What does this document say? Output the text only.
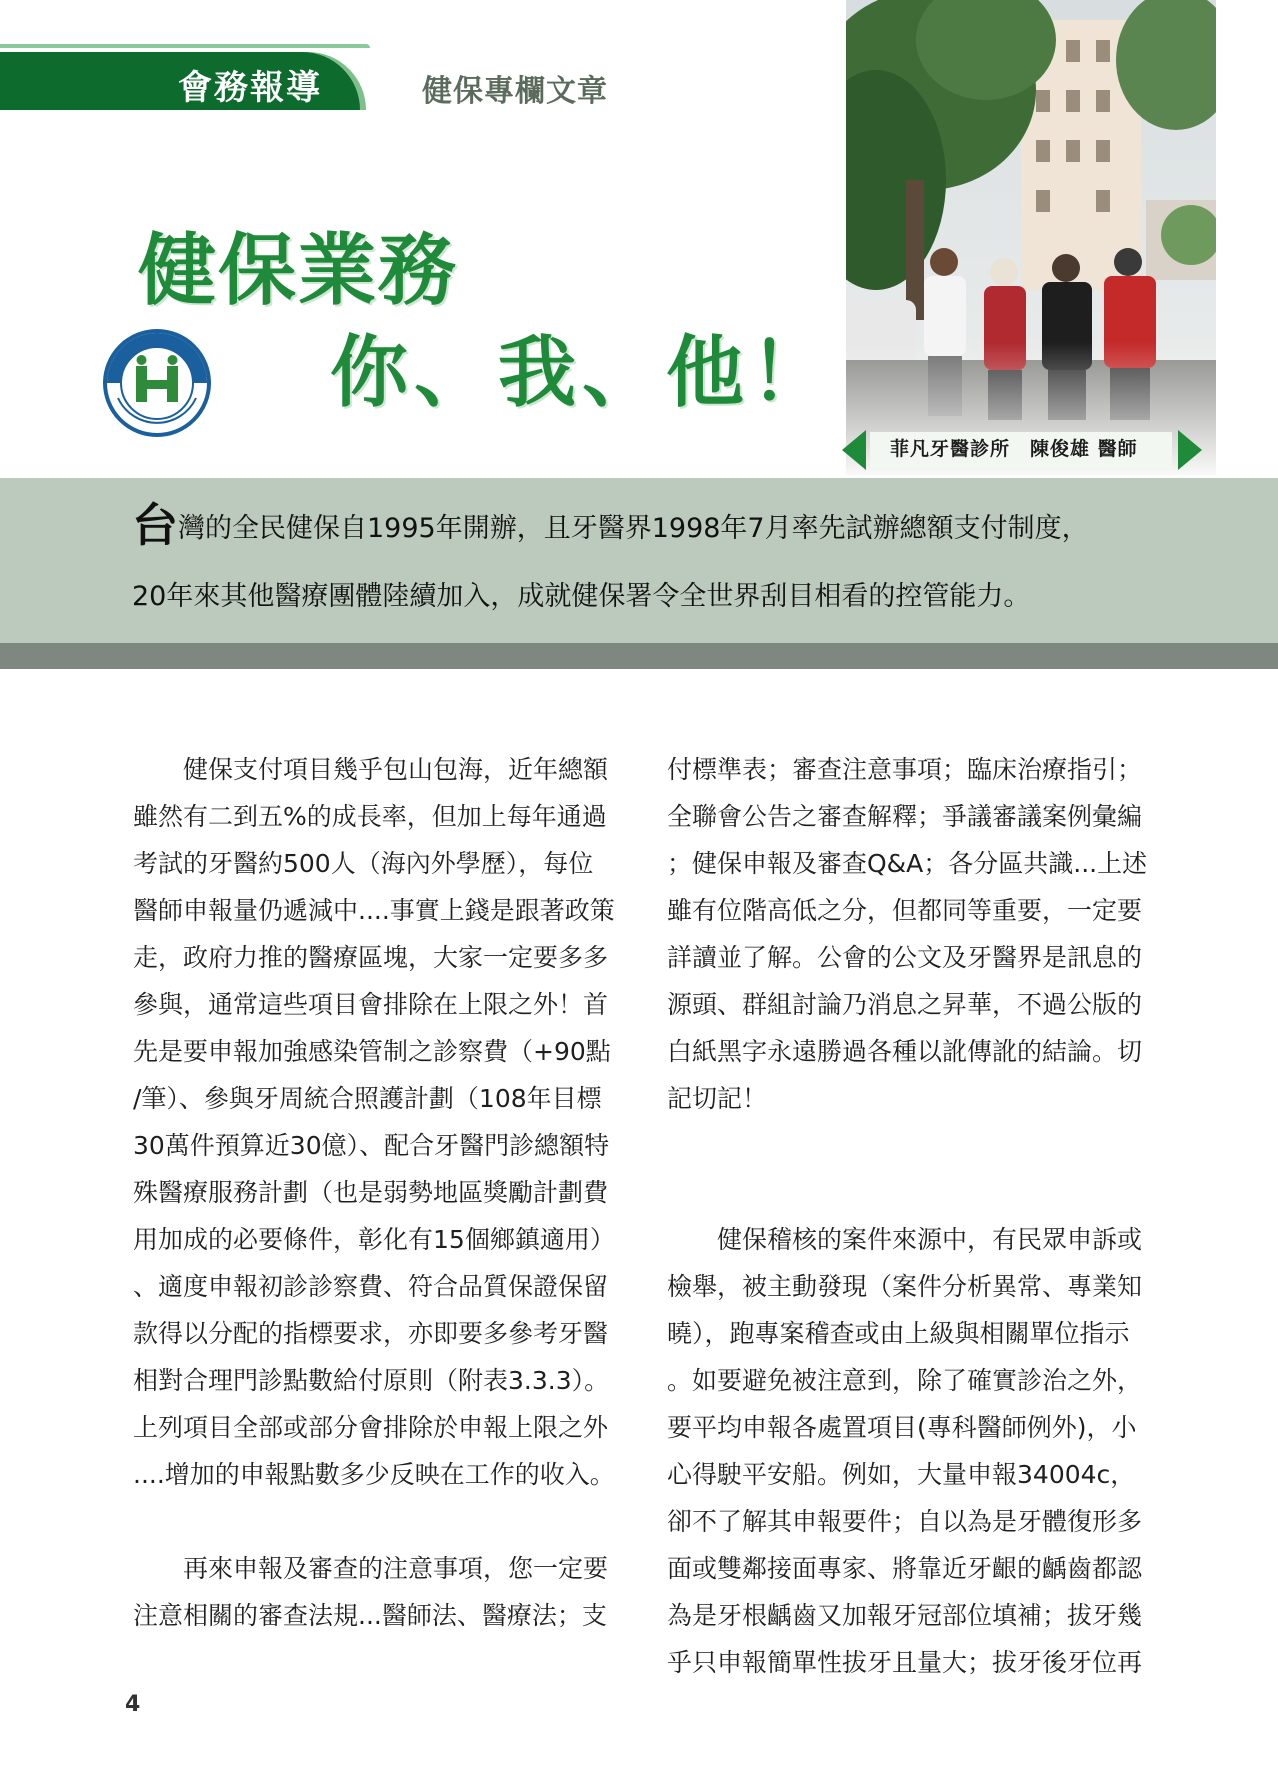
會務報導	健保專欄文章
健保業務
你、我、他！
菲凡牙醫診所　陳俊雄 醫師
台灣的全民健保自1995年開辦，且牙醫界1998年7月率先試辦總額支付制度，
20年來其他醫療團體陸續加入，成就健保署令全世界刮目相看的控管能力。
　　健保支付項目幾乎包山包海，近年總額
雖然有二到五%的成長率，但加上每年通過
考試的牙醫約500人（海內外學歷），每位
醫師申報量仍遞減中....事實上錢是跟著政策
走，政府力推的醫療區塊，大家一定要多多
參與，通常這些項目會排除在上限之外！首
先是要申報加強感染管制之診察費（+90點
/筆）、參與牙周統合照護計劃（108年目標
30萬件預算近30億）、配合牙醫門診總額特
殊醫療服務計劃（也是弱勢地區獎勵計劃費
用加成的必要條件，彰化有15個鄉鎮適用）
、適度申報初診診察費、符合品質保證保留
款得以分配的指標要求，亦即要多參考牙醫
相對合理門診點數給付原則（附表3.3.3）。
上列項目全部或部分會排除於申報上限之外
....增加的申報點數多少反映在工作的收入。
　　再來申報及審查的注意事項，您一定要
注意相關的審查法規...醫師法、醫療法；支
付標準表；審查注意事項；臨床治療指引；
全聯會公告之審查解釋；爭議審議案例彙編
；健保申報及審查Q&A；各分區共識...上述
雖有位階高低之分，但都同等重要，一定要
詳讀並了解。公會的公文及牙醫界是訊息的
源頭、群組討論乃消息之昇華，不過公版的
白紙黑字永遠勝過各種以訛傳訛的結論。切
記切記！
　　健保稽核的案件來源中，有民眾申訴或
檢舉，被主動發現（案件分析異常、專業知
曉），跑專案稽查或由上級與相關單位指示
。如要避免被注意到，除了確實診治之外，
要平均申報各處置項目(專科醫師例外)，小
心得駛平安船。例如，大量申報34004c，
卻不了解其申報要件；自以為是牙體復形多
面或雙鄰接面專家、將靠近牙齦的齲齒都認
為是牙根齲齒又加報牙冠部位填補；拔牙幾
乎只申報簡單性拔牙且量大；拔牙後牙位再
4
